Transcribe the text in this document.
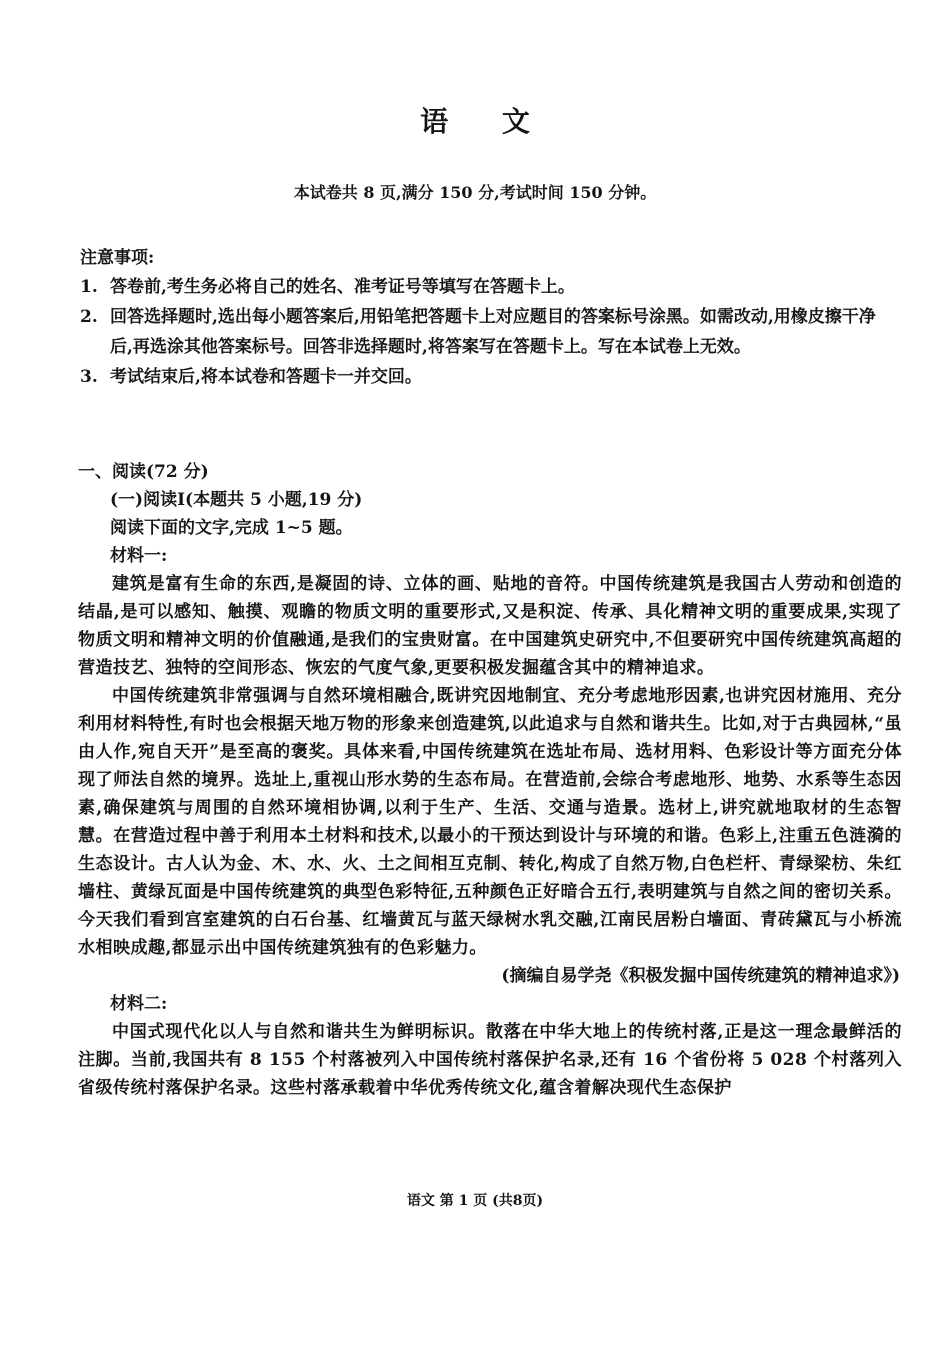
语 文
本试卷共 8 页,满分 150 分,考试时间 150 分钟。
注意事项:
1. 答卷前,考生务必将自己的姓名、准考证号等填写在答题卡上。
2. 回答选择题时,选出每小题答案后,用铅笔把答题卡上对应题目的答案标号涂黑。如需改动,用橡皮擦干净后,再选涂其他答案标号。回答非选择题时,将答案写在答题卡上。写在本试卷上无效。
3. 考试结束后,将本试卷和答题卡一并交回。
一、阅读(72 分)
(一)阅读Ⅰ(本题共 5 小题,19 分)
阅读下面的文字,完成 1~5 题。
材料一:
建筑是富有生命的东西,是凝固的诗、立体的画、贴地的音符。中国传统建筑是我国古人劳动和创造的结晶,是可以感知、触摸、观瞻的物质文明的重要形式,又是积淀、传承、具化精神文明的重要成果,实现了物质文明和精神文明的价值融通,是我们的宝贵财富。在中国建筑史研究中,不但要研究中国传统建筑高超的营造技艺、独特的空间形态、恢宏的气度气象,更要积极发掘蕴含其中的精神追求。
中国传统建筑非常强调与自然环境相融合,既讲究因地制宜、充分考虑地形因素,也讲究因材施用、充分利用材料特性,有时也会根据天地万物的形象来创造建筑,以此追求与自然和谐共生。比如,对于古典园林,“虽由人作,宛自天开”是至高的褒奖。具体来看,中国传统建筑在选址布局、选材用料、色彩设计等方面充分体现了师法自然的境界。选址上,重视山形水势的生态布局。在营造前,会综合考虑地形、地势、水系等生态因素,确保建筑与周围的自然环境相协调,以利于生产、生活、交通与造景。选材上,讲究就地取材的生态智慧。在营造过程中善于利用本土材料和技术,以最小的干预达到设计与环境的和谐。色彩上,注重五色涟漪的生态设计。古人认为金、木、水、火、土之间相互克制、转化,构成了自然万物,白色栏杆、青绿梁枋、朱红墙柱、黄绿瓦面是中国传统建筑的典型色彩特征,五种颜色正好暗合五行,表明建筑与自然之间的密切关系。今天我们看到宫室建筑的白石台基、红墙黄瓦与蓝天绿树水乳交融,江南民居粉白墙面、青砖黛瓦与小桥流水相映成趣,都显示出中国传统建筑独有的色彩魅力。
(摘编自易学尧《积极发掘中国传统建筑的精神追求》)
材料二:
中国式现代化以人与自然和谐共生为鲜明标识。散落在中华大地上的传统村落,正是这一理念最鲜活的注脚。当前,我国共有 8 155 个村落被列入中国传统村落保护名录,还有 16 个省份将 5 028 个村落列入省级传统村落保护名录。这些村落承载着中华优秀传统文化,蕴含着解决现代生态保护
语文 第 1 页 (共8页)
